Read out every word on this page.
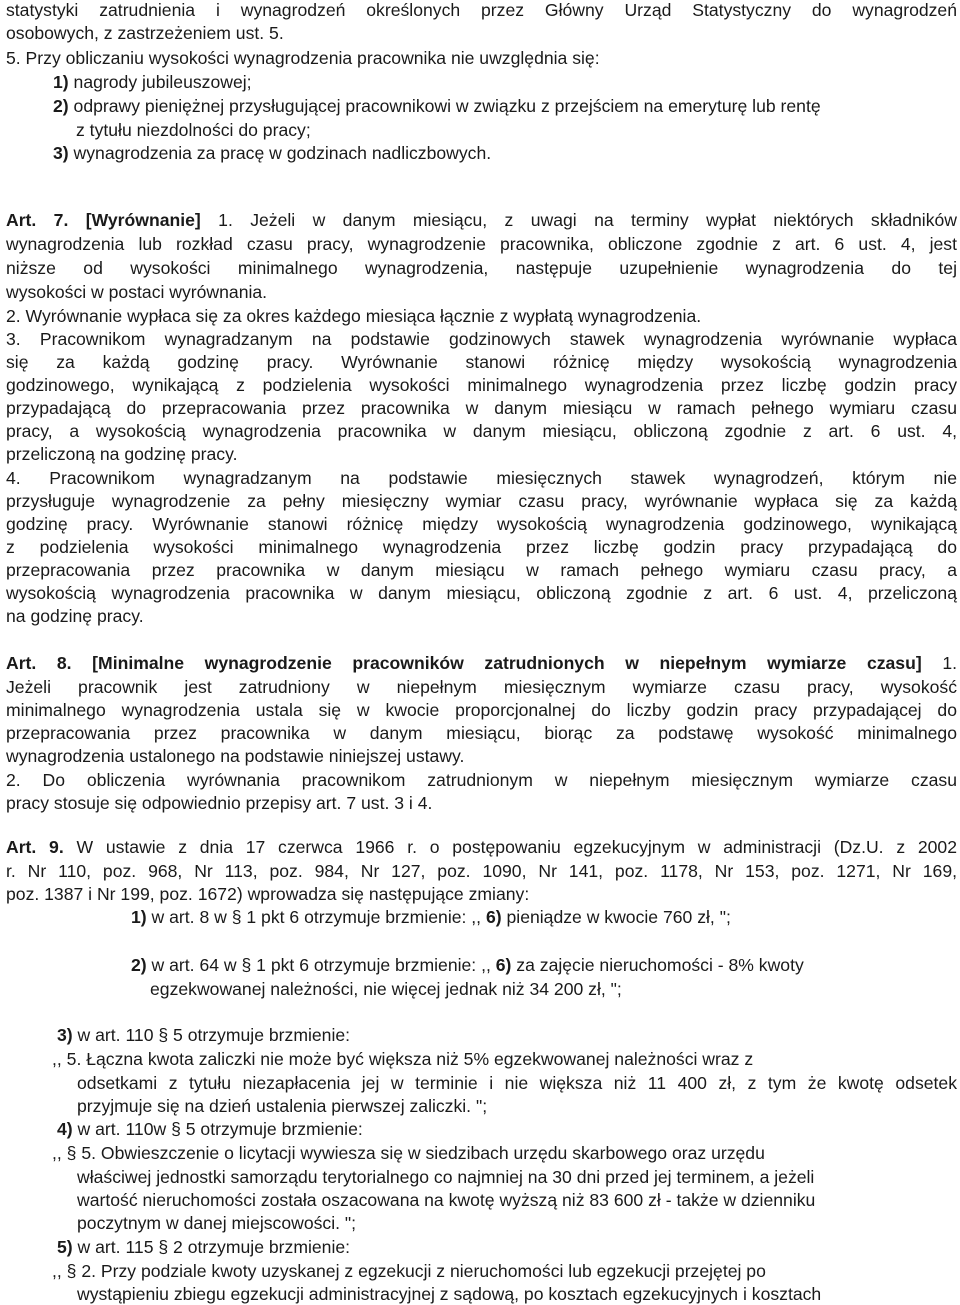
statystyki zatrudnienia i wynagrodzeń określonych przez Główny Urząd Statystyczny do wynagrodzeń

osobowych, z zastrzeżeniem ust. 5.

5. Przy obliczaniu wysokości wynagrodzenia pracownika nie uwzględnia się:

1) nagrody jubileuszowej;

2) odprawy pieniężnej przysługującej pracownikowi w związku z przejściem na emeryturę lub rentę

z tytułu niezdolności do pracy;

3) wynagrodzenia za pracę w godzinach nadliczbowych.

Art. 7. [Wyrównanie] 1. Jeżeli w danym miesiącu, z uwagi na terminy wypłat niektórych składników

wynagrodzenia lub rozkład czasu pracy, wynagrodzenie pracownika, obliczone zgodnie z art. 6 ust. 4, jest

niższe od wysokości minimalnego wynagrodzenia, następuje uzupełnienie wynagrodzenia do tej

wysokości w postaci wyrównania.

2. Wyrównanie wypłaca się za okres każdego miesiąca łącznie z wypłatą wynagrodzenia.

3. Pracownikom wynagradzanym na podstawie godzinowych stawek wynagrodzenia wyrównanie wypłaca

się za każdą godzinę pracy. Wyrównanie stanowi różnicę między wysokością wynagrodzenia

godzinowego, wynikającą z podzielenia wysokości minimalnego wynagrodzenia przez liczbę godzin pracy

przypadającą do przepracowania przez pracownika w danym miesiącu w ramach pełnego wymiaru czasu

pracy, a wysokością wynagrodzenia pracownika w danym miesiącu, obliczoną zgodnie z art. 6 ust. 4,

przeliczoną na godzinę pracy.

4. Pracownikom wynagradzanym na podstawie miesięcznych stawek wynagrodzeń, którym nie

przysługuje wynagrodzenie za pełny miesięczny wymiar czasu pracy, wyrównanie wypłaca się za każdą

godzinę pracy. Wyrównanie stanowi różnicę między wysokością wynagrodzenia godzinowego, wynikającą

z podzielenia wysokości minimalnego wynagrodzenia przez liczbę godzin pracy przypadającą do

przepracowania przez pracownika w danym miesiącu w ramach pełnego wymiaru czasu pracy, a

wysokością wynagrodzenia pracownika w danym miesiącu, obliczoną zgodnie z art. 6 ust. 4, przeliczoną

na godzinę pracy.

Art. 8. [Minimalne wynagrodzenie pracowników zatrudnionych w niepełnym wymiarze czasu] 1.

Jeżeli pracownik jest zatrudniony w niepełnym miesięcznym wymiarze czasu pracy, wysokość

minimalnego wynagrodzenia ustala się w kwocie proporcjonalnej do liczby godzin pracy przypadającej do

przepracowania przez pracownika w danym miesiącu, biorąc za podstawę wysokość minimalnego

wynagrodzenia ustalonego na podstawie niniejszej ustawy.

2. Do obliczenia wyrównania pracownikom zatrudnionym w niepełnym miesięcznym wymiarze czasu

pracy stosuje się odpowiednio przepisy art. 7 ust. 3 i 4.

Art. 9. W ustawie z dnia 17 czerwca 1966 r. o postępowaniu egzekucyjnym w administracji (Dz.U. z 2002

r. Nr 110, poz. 968, Nr 113, poz. 984, Nr 127, poz. 1090, Nr 141, poz. 1178, Nr 153, poz. 1271, Nr 169,

poz. 1387 i Nr 199, poz. 1672) wprowadza się następujące zmiany:

1) w art. 8 w § 1 pkt 6 otrzymuje brzmienie: ,, 6) pieniądze w kwocie 760 zł, ";

2) w art. 64 w § 1 pkt 6 otrzymuje brzmienie: ,, 6) za zajęcie nieruchomości - 8% kwoty

egzekwowanej należności, nie więcej jednak niż 34 200 zł, ";

3) w art. 110 § 5 otrzymuje brzmienie:

,, 5. Łączna kwota zaliczki nie może być większa niż 5% egzekwowanej należności wraz z

odsetkami z tytułu niezapłacenia jej w terminie i nie większa niż 11 400 zł, z tym że kwotę odsetek

przyjmuje się na dzień ustalenia pierwszej zaliczki. ";

4) w art. 110w § 5 otrzymuje brzmienie:

,, § 5. Obwieszczenie o licytacji wywiesza się w siedzibach urzędu skarbowego oraz urzędu

właściwej jednostki samorządu terytorialnego co najmniej na 30 dni przed jej terminem, a jeżeli

wartość nieruchomości została oszacowana na kwotę wyższą niż 83 600 zł - także w dzienniku

poczytnym w danej miejscowości. ";

5) w art. 115 § 2 otrzymuje brzmienie:

,, § 2. Przy podziale kwoty uzyskanej z egzekucji z nieruchomości lub egzekucji przejętej po

wystąpieniu zbiegu egzekucji administracyjnej z sądową, po kosztach egzekucyjnych i kosztach
